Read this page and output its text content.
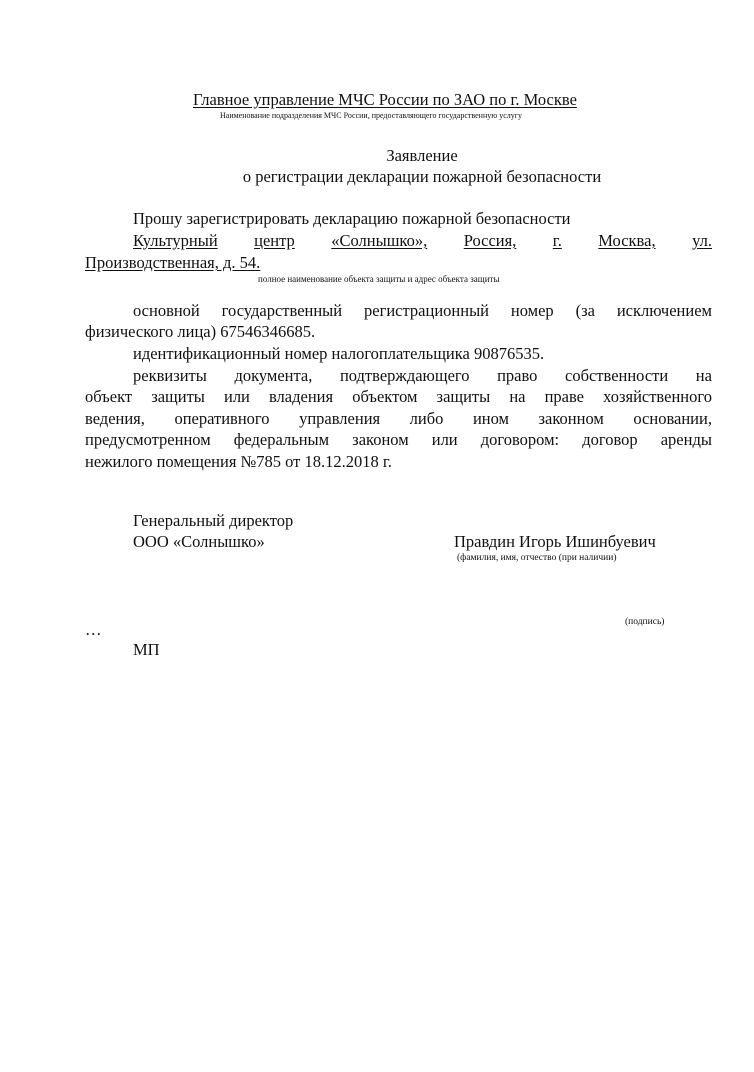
Главное управление МЧС России по ЗАО по г. Москве
Наименование подразделения МЧС России, предоставляющего государственную услугу
Заявление
о регистрации декларации пожарной безопасности
Прошу зарегистрировать декларацию пожарной безопасности
Культурный центр «Солнышко», Россия, г. Москва, ул.
Производственная, д. 54.
полное наименование объекта защиты и адрес объекта защиты
основной государственный регистрационный номер (за исключением
физического лица) 67546346685.
идентификационный номер налогоплательщика 90876535.
реквизиты документа, подтверждающего право собственности на
объект защиты или владения объектом защиты на праве хозяйственного
ведения, оперативного управления либо ином законном основании,
предусмотренном федеральным законом или договором: договор аренды
нежилого помещения №785 от 18.12.2018 г.
Генеральный директор
ООО «Солнышко»	Правдин Игорь Ишинбуевич
(фамилия, имя, отчество (при наличии)
(подпись)
…
МП
